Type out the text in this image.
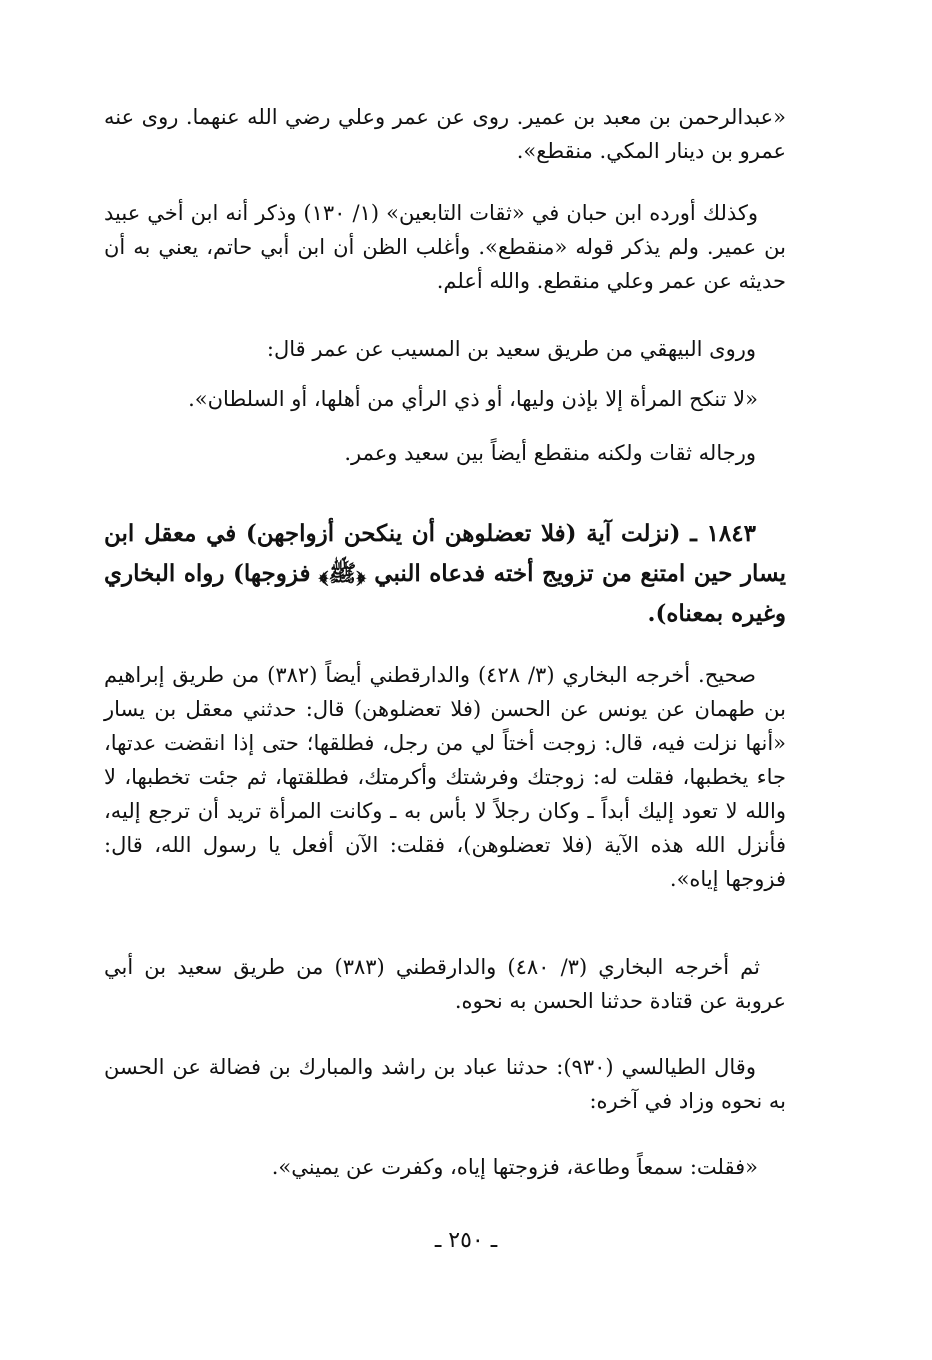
«عبدالرحمن بن معبد بن عمير. روى عن عمر وعلي رضي الله عنهما. روى عنه عمرو بن دينار المكي. منقطع».

وكذلك أورده ابن حبان في «ثقات التابعين» (١/ ١٣٠) وذكر أنه ابن أخي عبيد بن عمير. ولم يذكر قوله «منقطع». وأغلب الظن أن ابن أبي حاتم، يعني به أن حديثه عن عمر وعلي منقطع. والله أعلم.

وروى البيهقي من طريق سعيد بن المسيب عن عمر قال:

«لا تنكح المرأة إلا بإذن وليها، أو ذي الرأي من أهلها، أو السلطان».

ورجاله ثقات ولكنه منقطع أيضاً بين سعيد وعمر.

١٨٤٣ ـ (نزلت آية (فلا تعضلوهن أن ينكحن أزواجهن) في معقل ابن يسار حين امتنع من تزويج أخته فدعاه النبي ﴿ﷺ﴾ فزوجها) رواه البخاري وغيره بمعناه).

صحيح. أخرجه البخاري (٣/ ٤٢٨) والدارقطني أيضاً (٣٨٢) من طريق إبراهيم بن طهمان عن يونس عن الحسن (فلا تعضلوهن) قال: حدثني معقل بن يسار «أنها نزلت فيه، قال: زوجت أختاً لي من رجل، فطلقها؛ حتى إذا انقضت عدتها، جاء يخطبها، فقلت له: زوجتك وفرشتك وأكرمتك، فطلقتها، ثم جئت تخطبها، لا والله لا تعود إليك أبداً ـ وكان رجلاً لا بأس به ـ وكانت المرأة تريد أن ترجع إليه، فأنزل الله هذه الآية (فلا تعضلوهن)، فقلت: الآن أفعل يا رسول الله، قال: فزوجها إياه».

ثم أخرجه البخاري (٣/ ٤٨٠) والدارقطني (٣٨٣) من طريق سعيد بن أبي عروبة عن قتادة حدثنا الحسن به نحوه.

وقال الطيالسي (٩٣٠): حدثنا عباد بن راشد والمبارك بن فضالة عن الحسن به نحوه وزاد في آخره:

«فقلت: سمعاً وطاعة، فزوجتها إياه، وكفرت عن يميني».

ـ ٢٥٠ ـ
